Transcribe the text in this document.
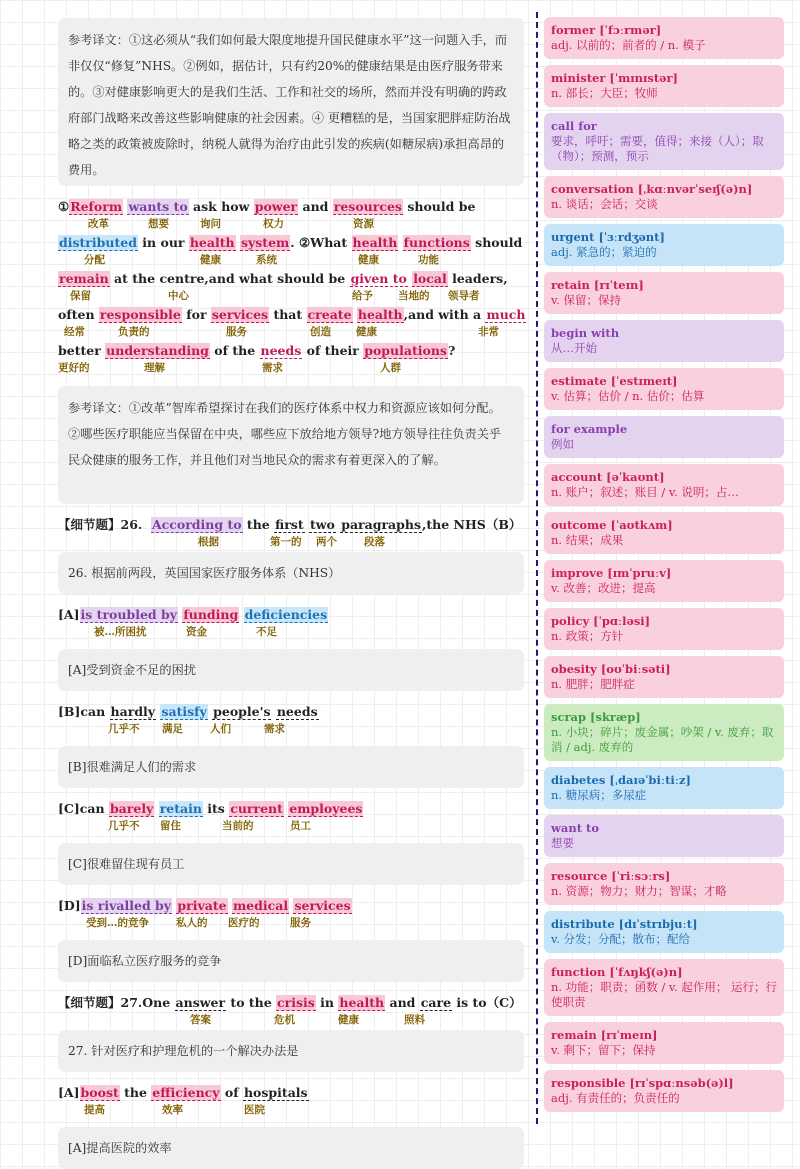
参考译文：①这必须从“我们如何最大限度地提升国民健康水平”这一问题入手，而非仅仅“修复”NHS。②例如，据估计，只有约20%的健康结果是由医疗服务带来的。③对健康影响更大的是我们生活、工作和社交的场所，然而并没有明确的跨政府部门战略来改善这些影响健康的社会因素。④ 更糟糕的是，当国家肥胖症防治战略之类的政策被废除时，纳税人就得为治疗由此引发的疾病(如糖尿病)承担高昂的费用。
①Reform wants to ask how power and resources should be
改革	想要	询问	权力	资源
distributed in our health system. ②What health functions should
分配	健康	系统	健康	功能
remain at the centre,and what should be given to local leaders,
保留	中心	给予 当地的 领导者
often responsible for services that create health,and with a much
经常	负责的	服务	创造 健康	非常
better understanding of the needs of their populations?
更好的	理解	需求	人群
参考译文：①改革”智库希望探讨在我们的医疗体系中权力和资源应该如何分配。②哪些医疗职能应当保留在中央，哪些应下放给地方领导?地方领导往往负责关乎民众健康的服务工作，并且他们对当地民众的需求有着更深入的了解。
【细节题】26.  According to the first two paragraphs,the NHS（B）
根据	第一的 两个	段落
26. 根据前两段，英国国家医疗服务体系（NHS）
[A]is troubled by funding deficiencies
被…所困扰	资金	不足
[A]受到资金不足的困扰
[B]can hardly satisfy people's needs
几乎不 满足	人们	需求
[B]很难满足人们的需求
[C]can barely retain its current employees
几乎不 留住	当前的	员工
[C]很难留住现有员工
[D]is rivalled by private medical services
受到…的竞争	私人的 医疗的	服务
[D]面临私立医疗服务的竞争
【细节题】27.One answer to the crisis in health and care is to（C）
答案	危机	健康	照料
27. 针对医疗和护理危机的一个解决办法是
[A]boost the efficiency of hospitals
提高	效率	医院
[A]提高医院的效率
former [ˈfɔːrmər]
adj. 以前的；前者的 / n. 模子
minister [ˈmɪnɪstər]
n. 部长；大臣；牧师
call for
要求，呼吁；需要，值得；来接（人）；取（物）；预测，预示
conversation [ˌkɑːnvərˈseɪʃ(ə)n]
n. 谈话；会话；交谈
urgent [ˈɜːrdʒənt]
adj. 紧急的；紧迫的
retain [rɪˈteɪn]
v. 保留；保持
begin with
从…开始
estimate [ˈestɪmeɪt]
v. 估算；估价 / n. 估价；估算
for example
例如
account [əˈkaʊnt]
n. 账户；叙述；账目 / v. 说明；占…
outcome [ˈaʊtkʌm]
n. 结果；成果
improve [ɪmˈpruːv]
v. 改善；改进；提高
policy [ˈpɑːləsi]
n. 政策；方针
obesity [oʊˈbiːsəti]
n. 肥胖；肥胖症
scrap [skræp]
n. 小块；碎片；废金属；吵架 / v. 废弃；取消 / adj. 废弃的
diabetes [ˌdaɪəˈbiːtiːz]
n. 糖尿病；多尿症
want to
想要
resource [ˈriːsɔːrs]
n. 资源；物力；财力；智谋；才略
distribute [dɪˈstrɪbjuːt]
v. 分发；分配；散布；配给
function [ˈfʌŋkʃ(ə)n]
n. 功能；职责；函数 / v. 起作用； 运行；行使职责
remain [rɪˈmeɪn]
v. 剩下；留下；保持
responsible [rɪˈspɑːnsəb(ə)l]
adj. 有责任的；负责任的
